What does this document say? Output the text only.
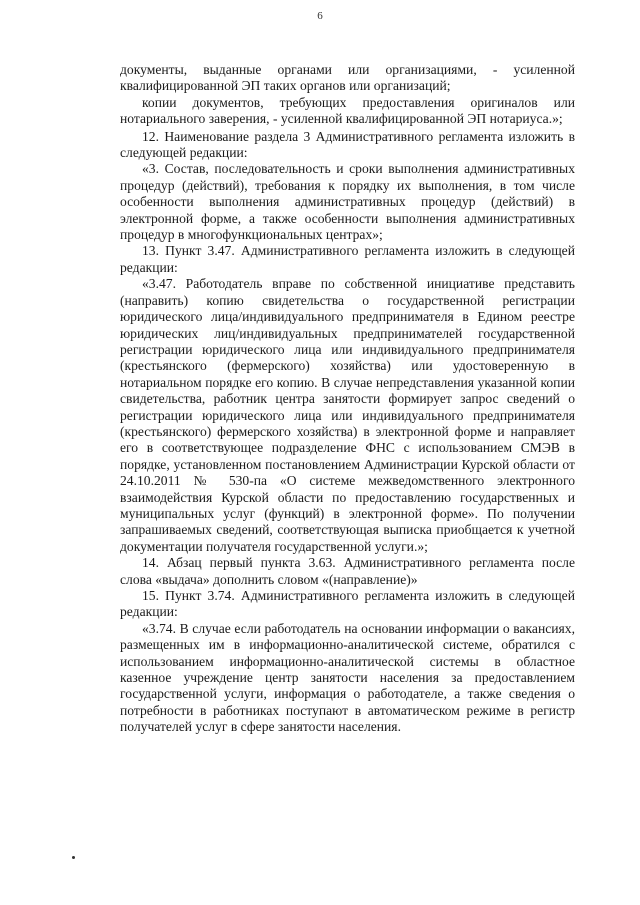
6

документы, выданные органами или организациями, - усиленной квалифицированной ЭП таких органов или организаций;

копии документов, требующих предоставления оригиналов или нотариального заверения, - усиленной квалифицированной ЭП нотариуса.»;

12. Наименование раздела 3 Административного регламента изложить в следующей редакции:

«3. Состав, последовательность и сроки выполнения административных процедур (действий), требования к порядку их выполнения, в том числе особенности выполнения административных процедур (действий) в электронной форме, а также особенности выполнения административных процедур в многофункциональных центрах»;

13. Пункт 3.47. Административного регламента изложить в следующей редакции:

«3.47. Работодатель вправе по собственной инициативе представить (направить) копию свидетельства о государственной регистрации юридического лица/индивидуального предпринимателя в Едином реестре юридических лиц/индивидуальных предпринимателей государственной регистрации юридического лица или индивидуального предпринимателя (крестьянского (фермерского) хозяйства) или удостоверенную в нотариальном порядке его копию. В случае непредставления указанной копии свидетельства, работник центра занятости формирует запрос сведений о регистрации юридического лица или индивидуального предпринимателя (крестьянского) фермерского хозяйства) в электронной форме и направляет его в соответствующее подразделение ФНС с использованием СМЭВ в порядке, установленном постановлением Администрации Курской области от 24.10.2011 № 530-па «О системе межведомственного электронного взаимодействия Курской области по предоставлению государственных и муниципальных услуг (функций) в электронной форме». По получении запрашиваемых сведений, соответствующая выписка приобщается к учетной документации получателя государственной услуги.»;

14. Абзац первый пункта 3.63. Административного регламента после слова «выдача» дополнить словом «(направление)»

15. Пункт 3.74. Административного регламента изложить в следующей редакции:

«3.74. В случае если работодатель на основании информации о вакансиях, размещенных им в информационно-аналитической системе, обратился с использованием информационно-аналитической системы в областное казенное учреждение центр занятости населения за предоставлением государственной услуги, информация о работодателе, а также сведения о потребности в работниках поступают в автоматическом режиме в регистр получателей услуг в сфере занятости населения.
